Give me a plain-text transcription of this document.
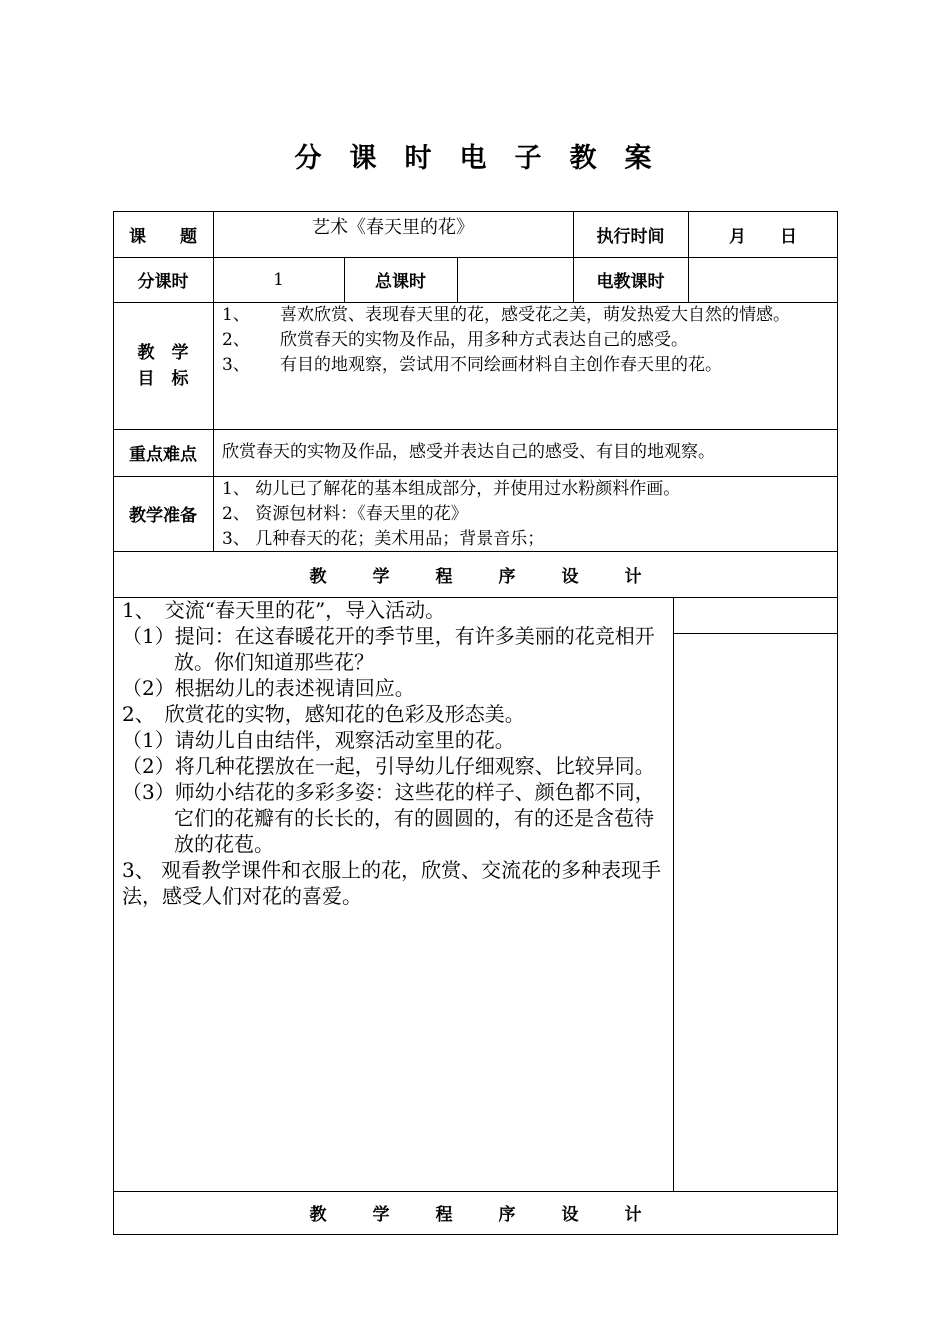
分 课 时 电 子 教 案
课　　题	艺术《春天里的花》	执行时间	月　　日
分课时	1	总课时	电教课时
教　学
目　标
1、	喜欢欣赏、表现春天里的花，感受花之美，萌发热爱大自然的情感。
2、	欣赏春天的实物及作品，用多种方式表达自己的感受。
3、	有目的地观察，尝试用不同绘画材料自主创作春天里的花。
重点难点	欣赏春天的实物及作品，感受并表达自己的感受、有目的地观察。
教学准备
1、 幼儿已了解花的基本组成部分，并使用过水粉颜料作画。
2、 资源包材料：《春天里的花》
3、 几种春天的花；美术用品；背景音乐；
教	学	程	序	设	计

1、　交流“春天里的花”，导入活动。

（1）提问：在这春暖花开的季节里，有许多美丽的花竞相开放。你们知道那些花？

（2）根据幼儿的表述视请回应。

2、　欣赏花的实物，感知花的色彩及形态美。

（1）请幼儿自由结伴，观察活动室里的花。

（2）将几种花摆放在一起，引导幼儿仔细观察、比较异同。

（3）师幼小结花的多彩多姿：这些花的样子、颜色都不同，它们的花瓣有的长长的，有的圆圆的，有的还是含苞待放的花苞。

3、 观看教学课件和衣服上的花，欣赏、交流花的多种表现手法，感受人们对花的喜爱。

教	学	程	序	设	计
